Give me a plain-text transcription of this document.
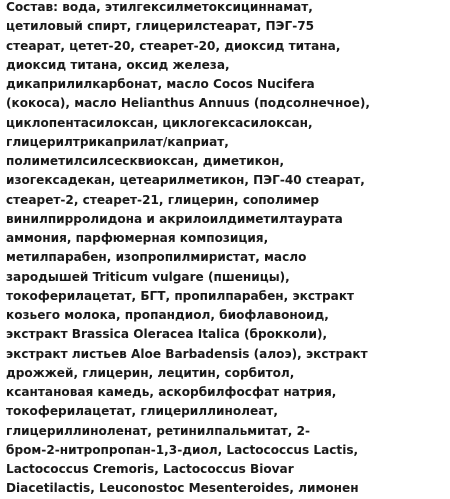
Состав: вода, этилгексилметоксициннамат,
цетиловый спирт, глицерилстеарат, ПЭГ-75
стеарат, цетет-20, стеарет-20, диоксид титана,
диоксид титана, оксид железа,
дикаприлилкарбонат, масло Cocos Nucifera
(кокоса), масло Helianthus Annuus (подсолнечное),
циклопентасилоксан, циклогексасилоксан,
глицерилтрикаприлат/каприат,
полиметилсилсесквиоксан, диметикон,
изогексадекан, цетеарилметикон, ПЭГ-40 стеарат,
стеарет-2, стеарет-21, глицерин, сополимер
винилпирролидона и акрилоилдиметилтаурата
аммония, парфюмерная композиция,
метилпарабен, изопропилмиристат, масло
зародышей Triticum vulgare (пшеницы),
токоферилацетат, БГТ, пропилпарабен, экстракт
козьего молока, пропандиол, биофлавоноид,
экстракт Brassica Oleracea Italica (брокколи),
экстракт листьев Aloe Barbadensis (алоэ), экстракт
дрожжей, глицерин, лецитин, сорбитол,
ксантановая камедь, аскорбилфосфат натрия,
токоферилацетат, глицериллинолеат,
глицериллиноленат, ретинилпальмитат, 2-
бром-2-нитропропан-1,3-диол, Lactococcus Lactis,
Lactococcus Cremoris, Lactococcus Biovar
Diacetilactis, Leuconostoc Mesenteroides, лимонен
